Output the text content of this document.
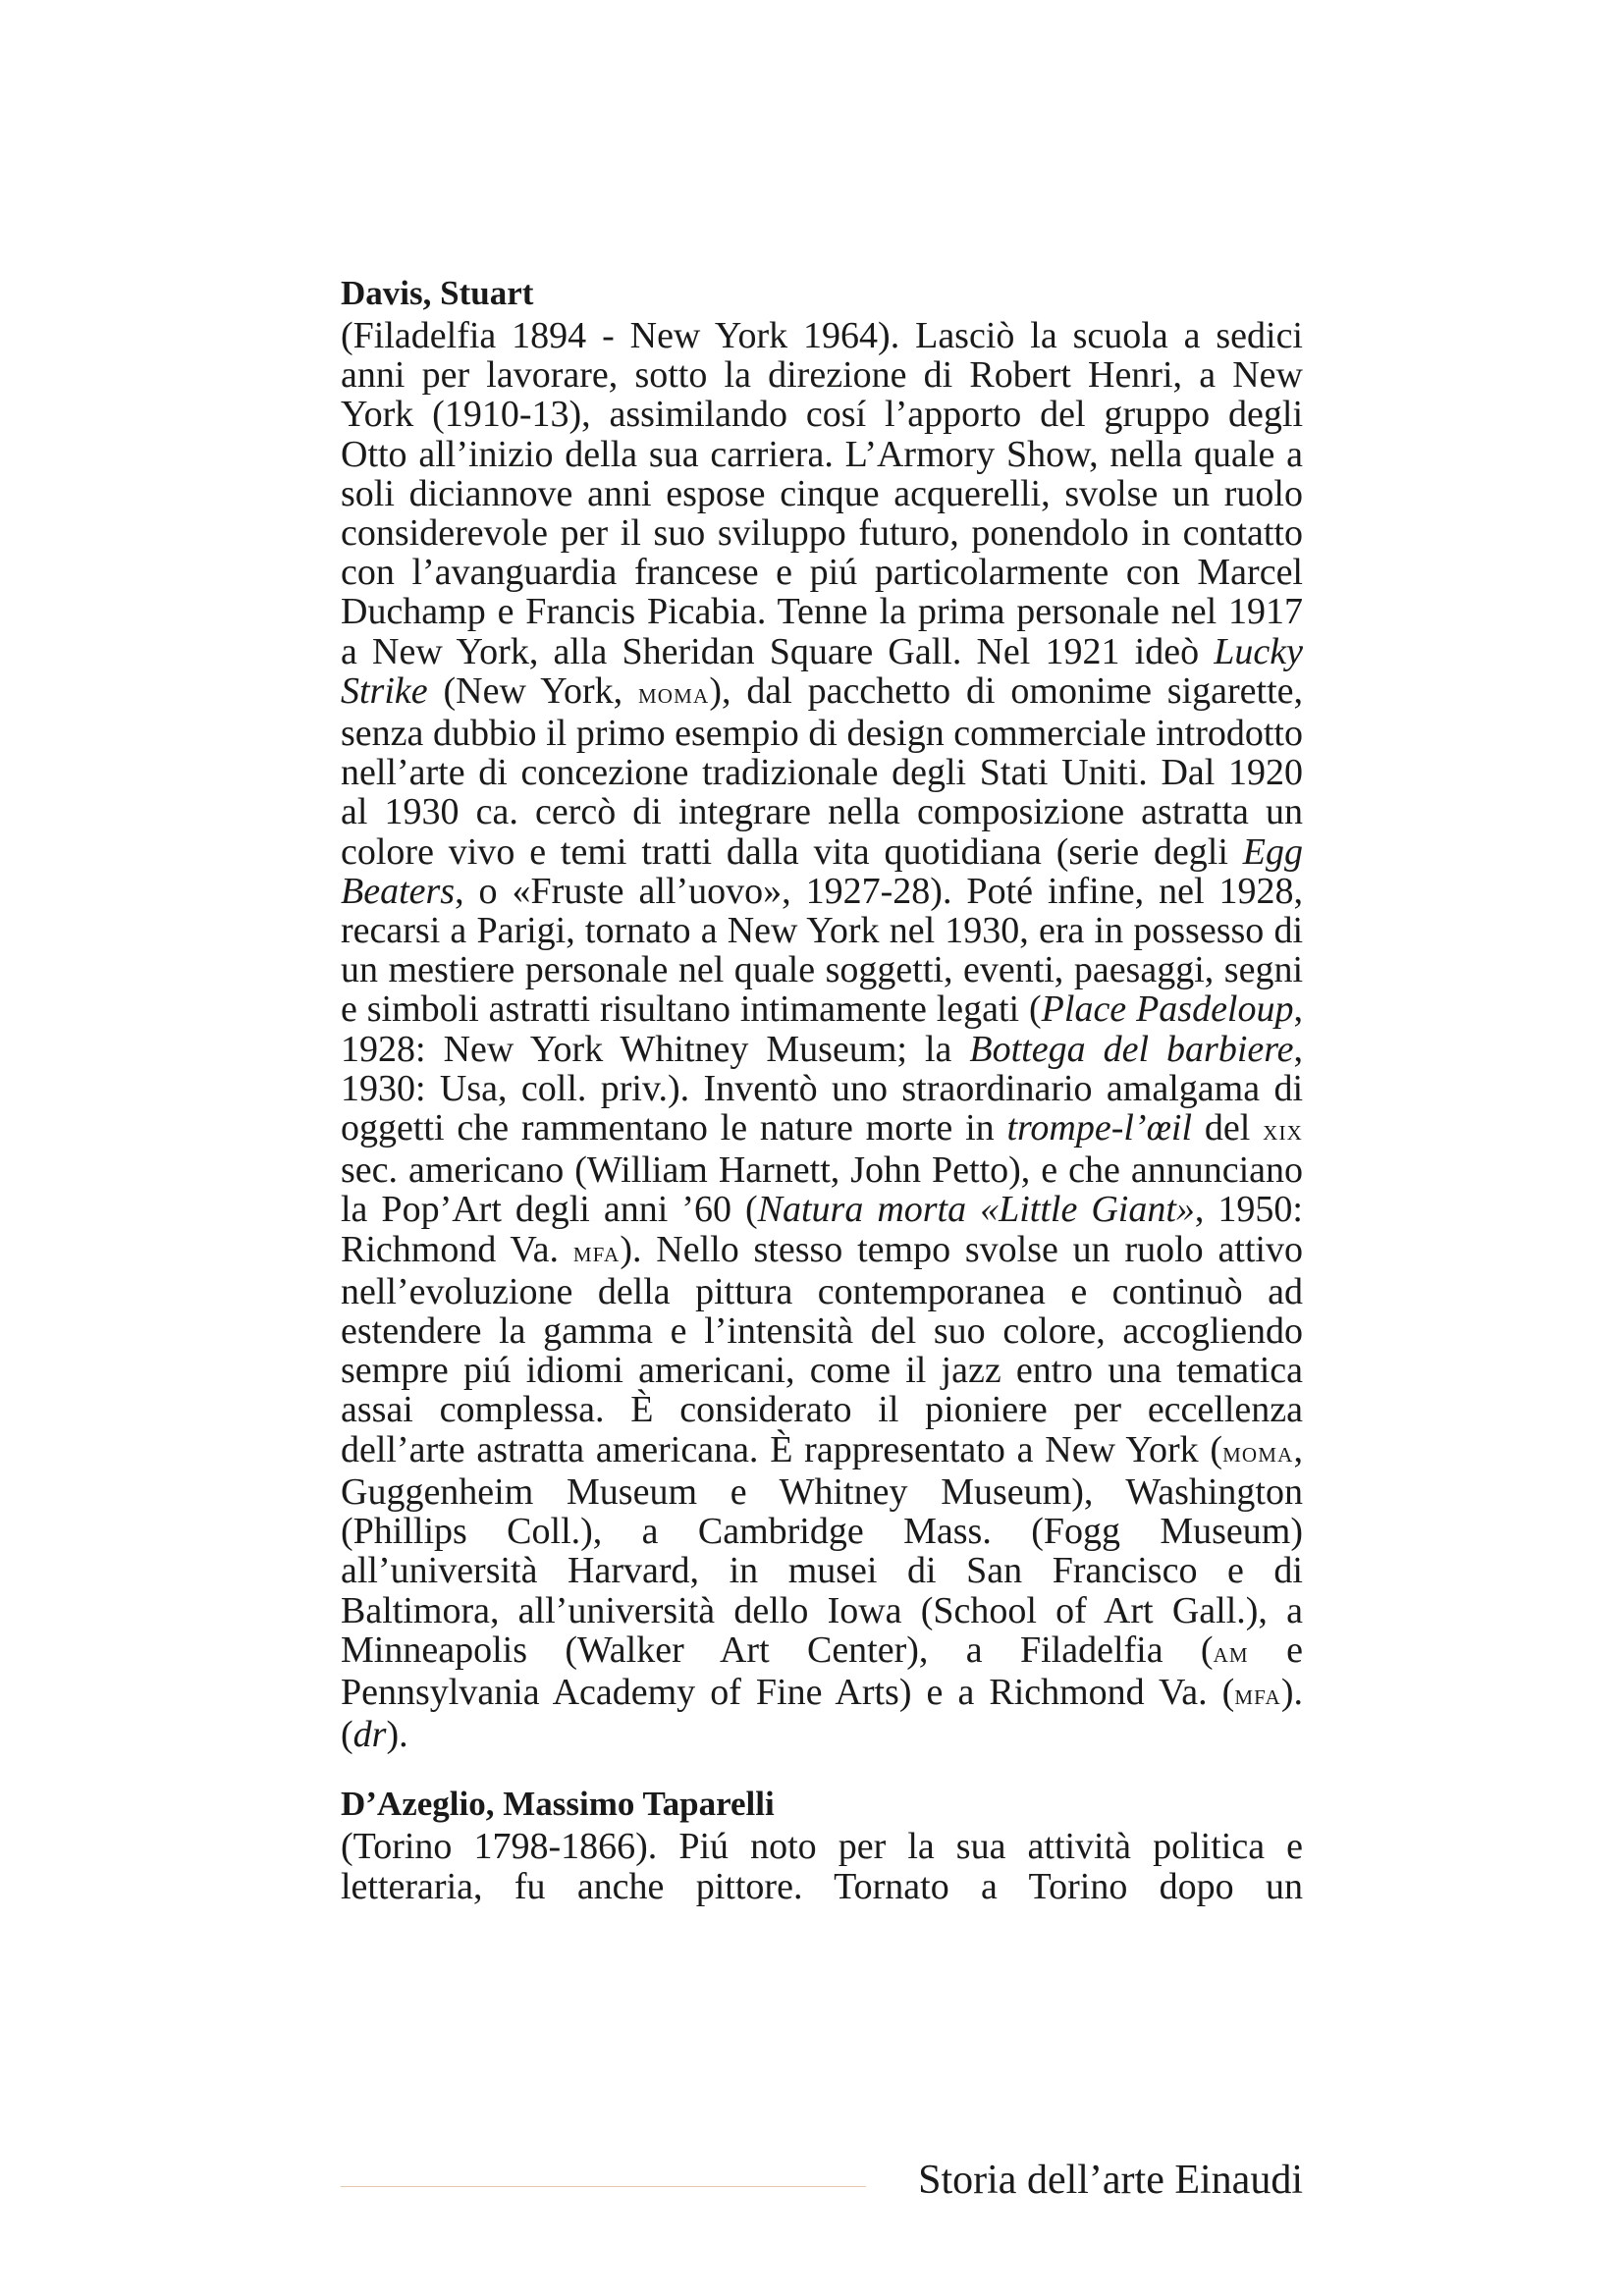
Davis, Stuart

(Filadelfia 1894 - New York 1964). Lasciò la scuola a sedici anni per lavorare, sotto la direzione di Robert Henri, a New York (1910-13), assimilando cosí l’apporto del gruppo degli Otto all’inizio della sua carriera. L’Armory Show, nella quale a soli diciannove anni espose cinque acquerelli, svolse un ruolo considerevole per il suo sviluppo futuro, ponendolo in contatto con l’avanguardia francese e piú particolarmente con Marcel Duchamp e Francis Picabia. Tenne la prima personale nel 1917 a New York, alla Sheridan Square Gall. Nel 1921 ideò Lucky Strike (New York, moma), dal pacchetto di omonime sigarette, senza dubbio il primo esempio di design commerciale introdotto nell’arte di concezione tradizionale degli Stati Uniti. Dal 1920 al 1930 ca. cercò di integrare nella composizione astratta un colore vivo e temi tratti dalla vita quotidiana (serie degli Egg Beaters, o «Fruste all’uovo», 1927-28). Poté infine, nel 1928, recarsi a Parigi, tornato a New York nel 1930, era in possesso di un mestiere personale nel quale soggetti, eventi, paesaggi, segni e simboli astratti risultano intimamente legati (Place Pasdeloup, 1928: New York Whitney Museum; la Bottega del barbiere, 1930: Usa, coll. priv.). Inventò uno straordinario amalgama di oggetti che rammentano le nature morte in trompe-l’œil del xix sec. americano (William Harnett, John Petto), e che annunciano la Pop’Art degli anni ’60 (Natura morta «Little Giant», 1950: Richmond Va. mfa). Nello stesso tempo svolse un ruolo attivo nell’evoluzione della pittura contemporanea e continuò ad estendere la gamma e l’intensità del suo colore, accogliendo sempre piú idiomi americani, come il jazz entro una tematica assai complessa. È considerato il pioniere per eccellenza dell’arte astratta americana. È rappresentato a New York (moma, Guggenheim Museum e Whitney Museum), Washington (Phillips Coll.), a Cambridge Mass. (Fogg Museum) all’università Harvard, in musei di San Francisco e di Baltimora, all’università dello Iowa (School of Art Gall.), a Minneapolis (Walker Art Center), a Filadelfia (am e Pennsylvania Academy of Fine Arts) e a Richmond Va. (mfa). (dr).

D’Azeglio, Massimo Taparelli

(Torino 1798-1866). Piú noto per la sua attività politica e letteraria, fu anche pittore. Tornato a Torino dopo un

Storia dell’arte Einaudi
